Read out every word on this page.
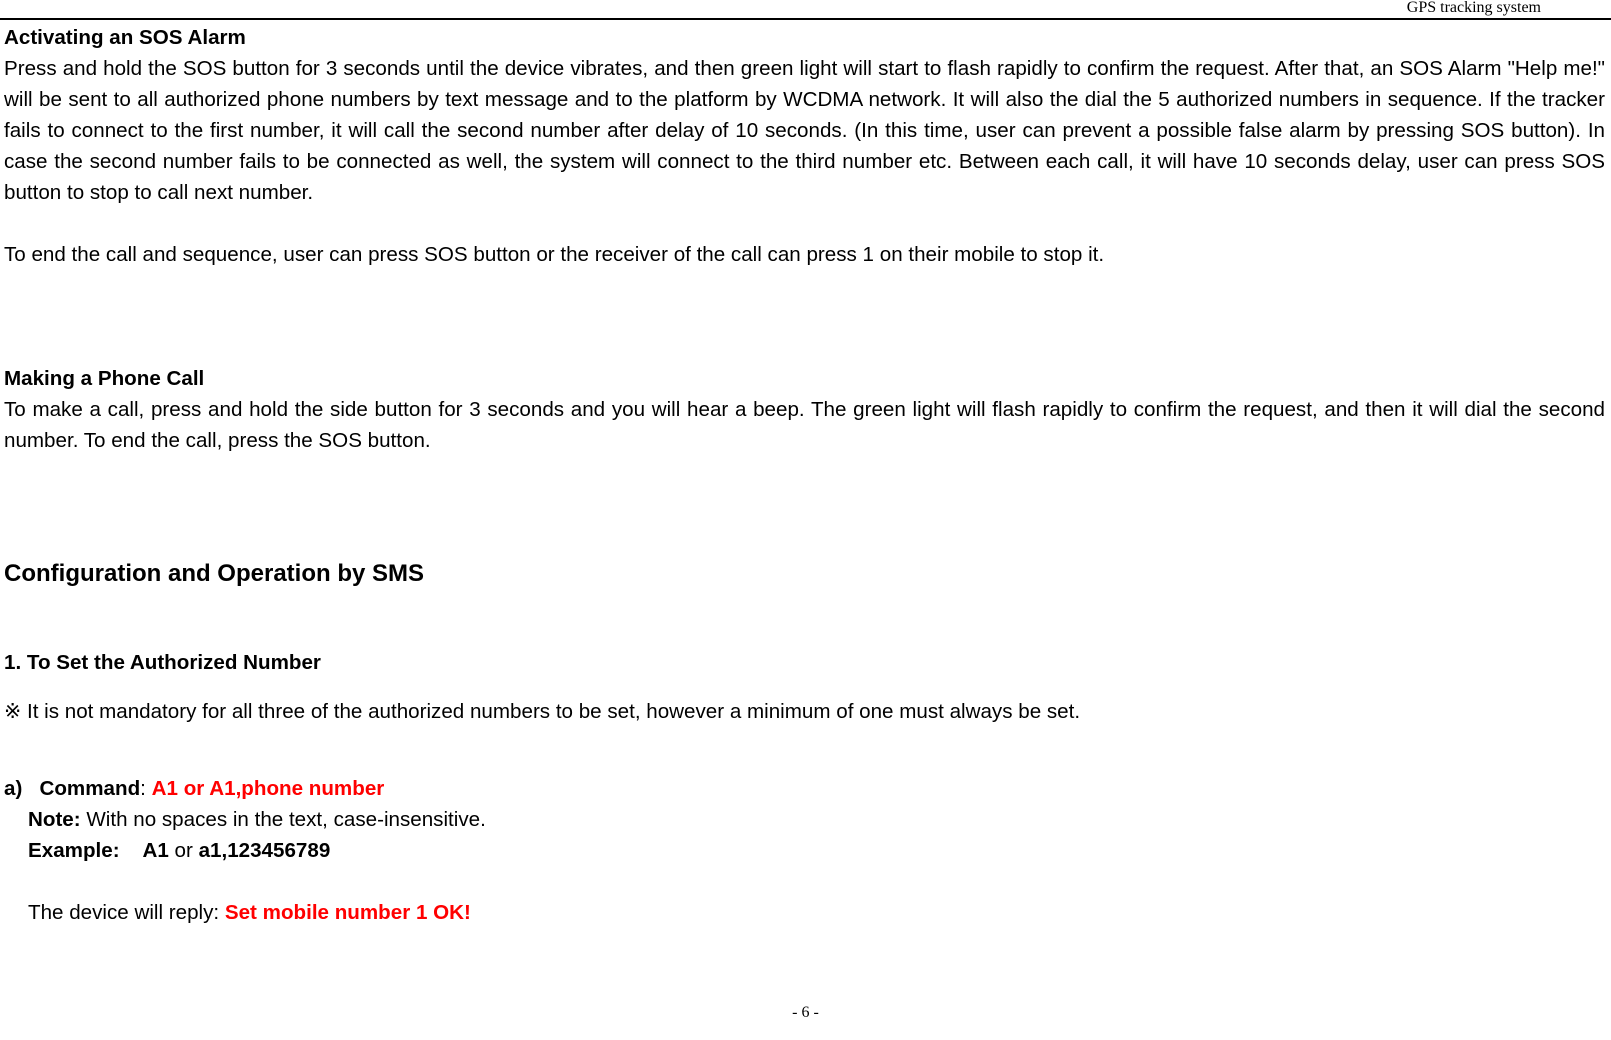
GPS tracking system
Activating an SOS Alarm

Press and hold the SOS button for 3 seconds until the device vibrates, and then green light will start to flash rapidly to confirm the request. After that, an SOS Alarm "Help me!" will be sent to all authorized phone numbers by text message and to the platform by WCDMA network. It will also the dial the 5 authorized numbers in sequence. If the tracker fails to connect to the first number, it will call the second number after delay of 10 seconds. (In this time, user can prevent a possible false alarm by pressing SOS button). In case the second number fails to be connected as well, the system will connect to the third number etc. Between each call, it will have 10 seconds delay, user can press SOS button to stop to call next number.

To end the call and sequence, user can press SOS button or the receiver of the call can press 1 on their mobile to stop it.
Making a Phone Call

To make a call, press and hold the side button for 3 seconds and you will hear a beep. The green light will flash rapidly to confirm the request, and then it will dial the second number. To end the call, press the SOS button.

Configuration and Operation by SMS
1. To Set the Authorized Number
※ It is not mandatory for all three of the authorized numbers to be set, however a minimum of one must always be set.
a) Command: A1 or A1,phone number
Note: With no spaces in the text, case-insensitive.
Example: A1 or a1,123456789
The device will reply: Set mobile number 1 OK!
- 6 -
